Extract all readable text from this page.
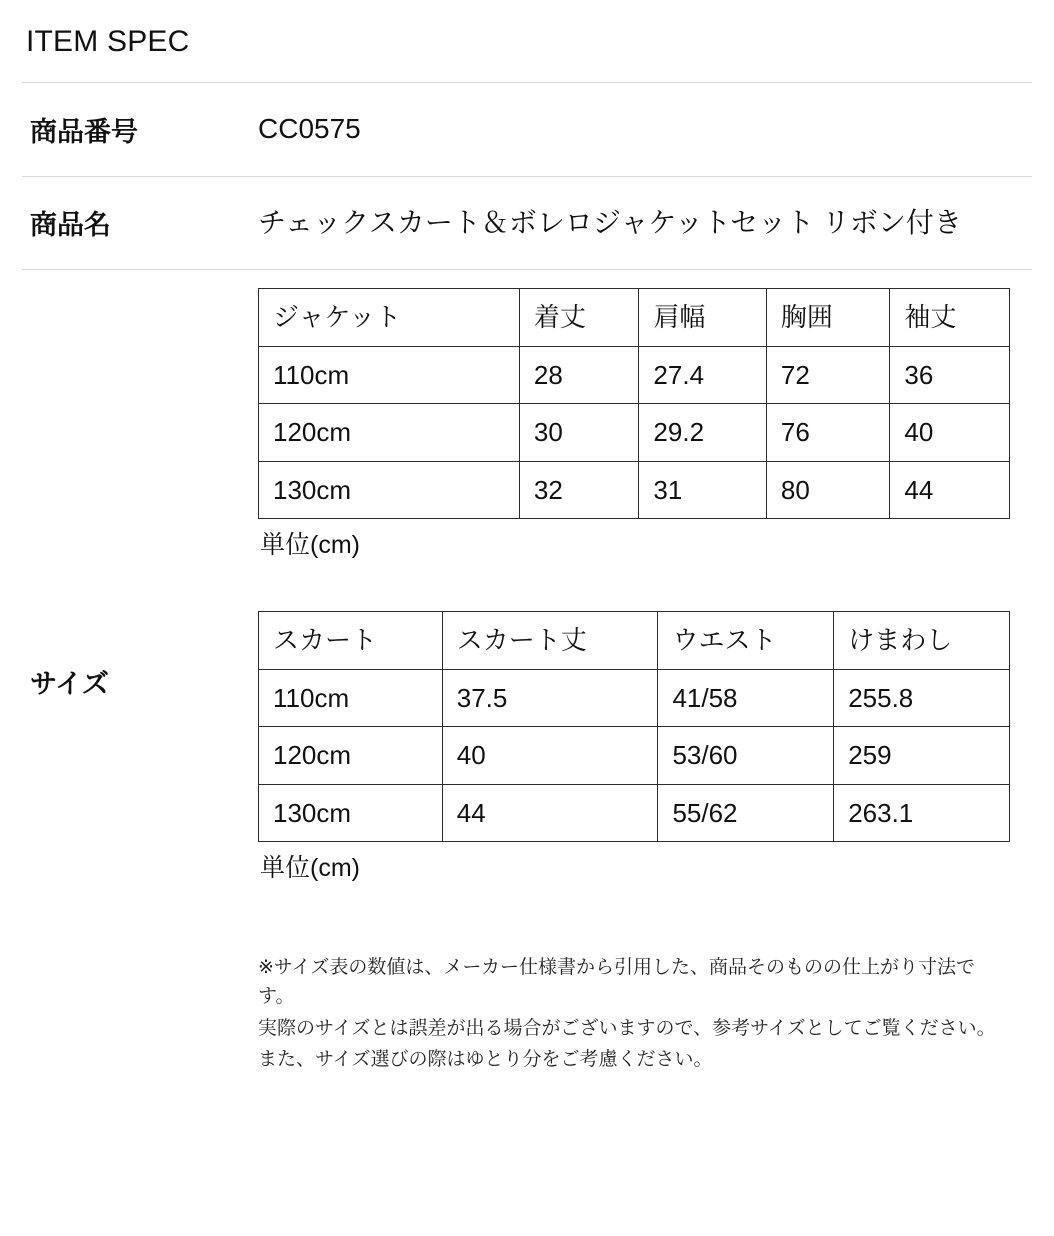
ITEM SPEC
商品番号	CC0575
商品名	チェックスカート＆ボレロジャケットセット リボン付き
サイズ	
ジャケット	着丈	肩幅	胸囲	袖丈
110cm	28	27.4	72	36
120cm	30	29.2	76	40
130cm	32	31	80	44
単位(cm)
スカート	スカート丈	ウエスト	けまわし
110cm	37.5	41/58	255.8
120cm	40	53/60	259
130cm	44	55/62	263.1
単位(cm)

※サイズ表の数値は、メーカー仕様書から引用した、商品そのものの仕上がり寸法です。

実際のサイズとは誤差が出る場合がございますので、参考サイズとしてご覧ください。

また、サイズ選びの際はゆとり分をご考慮ください。
